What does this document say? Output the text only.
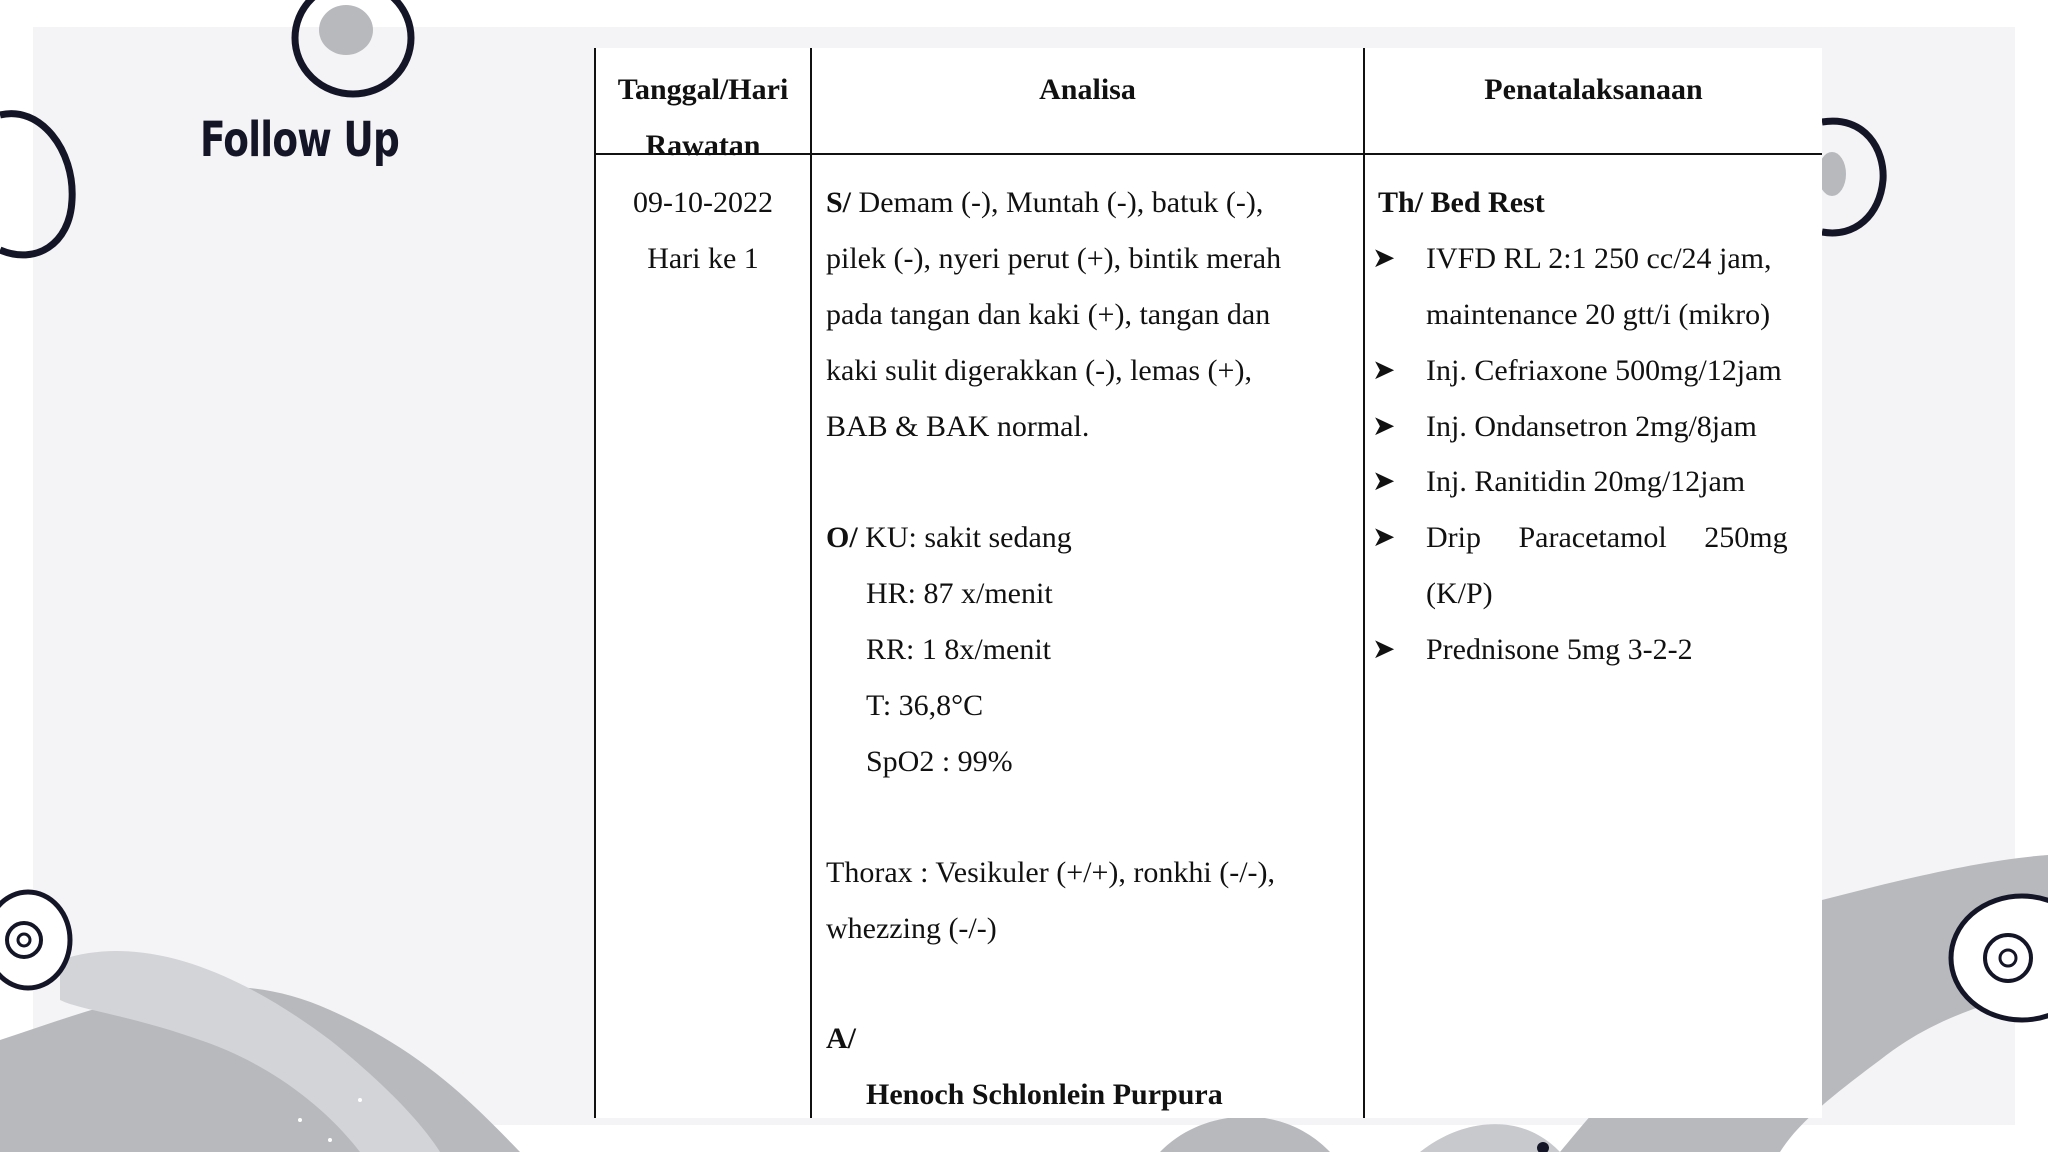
Follow Up
Tanggal/Hari
Rawatan
Analisa	Penatalaksanaan
09-10-2022
Hari ke 1
S/ Demam (-), Muntah (-), batuk (-),
pilek (-), nyeri perut (+), bintik merah
pada tangan dan kaki (+), tangan dan
kaki sulit digerakkan (-), lemas (+),
BAB & BAK normal.
O/ KU: sakit sedang
HR: 87 x/menit
RR: 1 8x/menit
T: 36,8°C
SpO2 : 99%
Thorax : Vesikuler (+/+), ronkhi (-/-),
whezzing (-/-)
A/
Henoch Schlonlein Purpura
Th/ Bed Rest
➤ IVFD RL 2:1 250 cc/24 jam,
maintenance 20 gtt/i (mikro)
➤ Inj. Cefriaxone 500mg/12jam
➤ Inj. Ondansetron 2mg/8jam
➤ Inj. Ranitidin 20mg/12jam
➤ Drip     Paracetamol     250mg
(K/P)
➤ Prednisone 5mg 3-2-2
